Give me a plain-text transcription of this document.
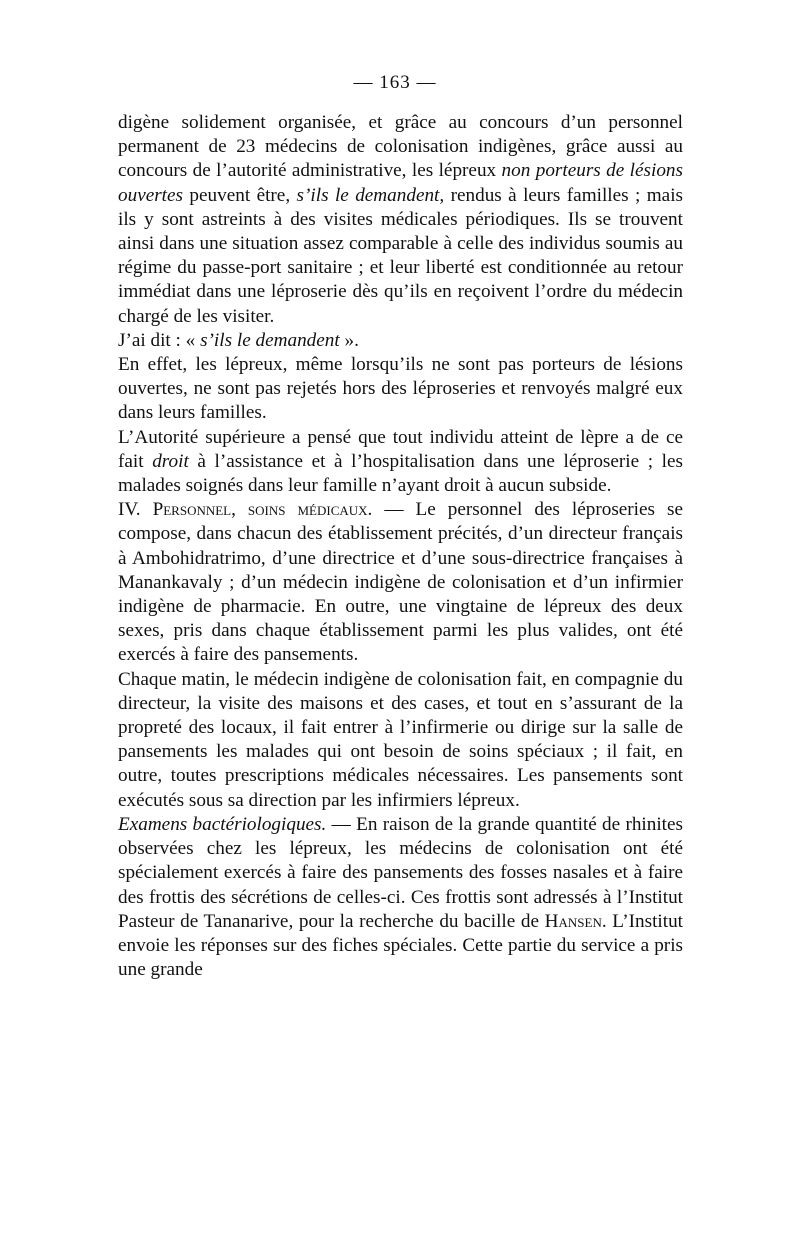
— 163 —

digène solidement organisée, et grâce au concours d’un personnel permanent de 23 médecins de colonisation indigènes, grâce aussi au concours de l’autorité administrative, les lépreux non porteurs de lésions ouvertes peuvent être, s’ils le demandent, rendus à leurs familles ; mais ils y sont astreints à des visites médicales périodiques. Ils se trouvent ainsi dans une situation assez comparable à celle des individus soumis au régime du passe-port sanitaire ; et leur liberté est conditionnée au retour immédiat dans une léproserie dès qu’ils en reçoivent l’ordre du médecin chargé de les visiter.

J’ai dit : « s’ils le demandent ».

En effet, les lépreux, même lorsqu’ils ne sont pas porteurs de lésions ouvertes, ne sont pas rejetés hors des léproseries et renvoyés malgré eux dans leurs familles.

L’Autorité supérieure a pensé que tout individu atteint de lèpre a de ce fait droit à l’assistance et à l’hospitalisation dans une léproserie ; les malades soignés dans leur famille n’ayant droit à aucun subside.

IV. Personnel, soins médicaux. — Le personnel des léproseries se compose, dans chacun des établissement précités, d’un directeur français à Ambohidratrimo, d’une directrice et d’une sous-directrice françaises à Manankavaly ; d’un médecin indigène de colonisation et d’un infirmier indigène de pharmacie. En outre, une vingtaine de lépreux des deux sexes, pris dans chaque établissement parmi les plus valides, ont été exercés à faire des pansements.

Chaque matin, le médecin indigène de colonisation fait, en compagnie du directeur, la visite des maisons et des cases, et tout en s’assurant de la propreté des locaux, il fait entrer à l’infirmerie ou dirige sur la salle de pansements les malades qui ont besoin de soins spéciaux ; il fait, en outre, toutes prescriptions médicales nécessaires. Les pansements sont exécutés sous sa direction par les infirmiers lépreux.

Examens bactériologiques. — En raison de la grande quantité de rhinites observées chez les lépreux, les médecins de colonisation ont été spécialement exercés à faire des pansements des fosses nasales et à faire des frottis des sécrétions de celles-ci. Ces frottis sont adressés à l’Institut Pasteur de Tananarive, pour la recherche du bacille de Hansen. L’Institut envoie les réponses sur des fiches spéciales. Cette partie du service a pris une grande
